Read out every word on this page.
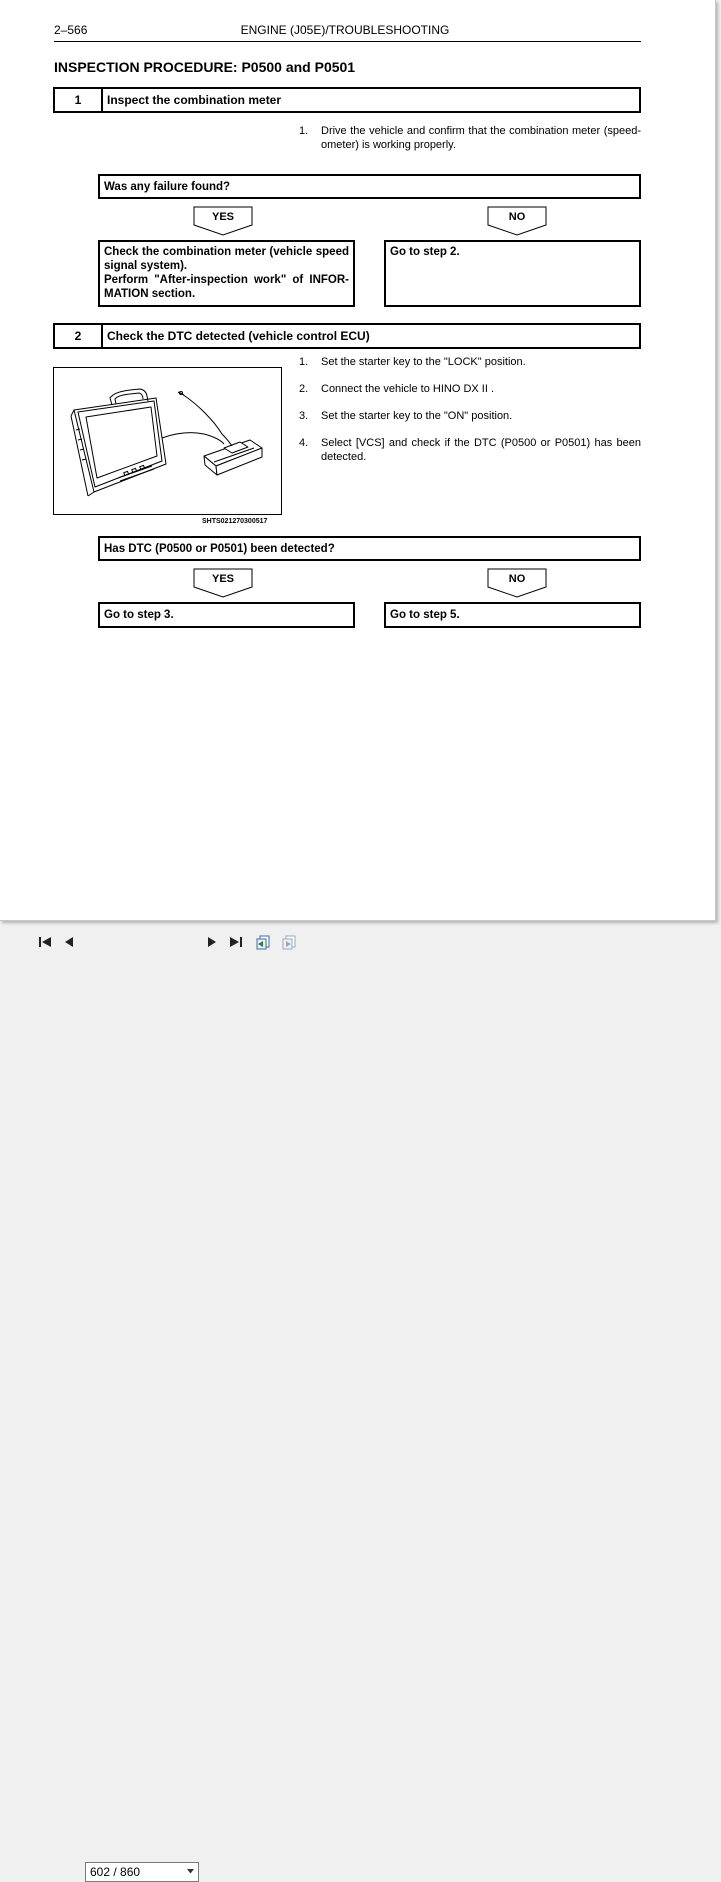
2–566	ENGINE (J05E)/TROUBLESHOOTING
INSPECTION PROCEDURE: P0500 and P0501
1	Inspect the combination meter
1. Drive the vehicle and confirm that the combination meter (speed-ometer) is working properly.
Was any failure found?
YES	NO
Check the combination meter (vehicle speed signal system).
Perform "After-inspection work" of INFOR-MATION section.
Go to step 2.
2	Check the DTC detected (vehicle control ECU)
1. Set the starter key to the "LOCK" position.
2. Connect the vehicle to HINO DX II .
3. Set the starter key to the "ON" position.
4. Select [VCS] and check if the DTC (P0500 or P0501) has been detected.
SHTS021270300517
Has DTC (P0500 or P0501) been detected?
YES	NO
Go to step 3.	Go to step 5.
602 / 860
